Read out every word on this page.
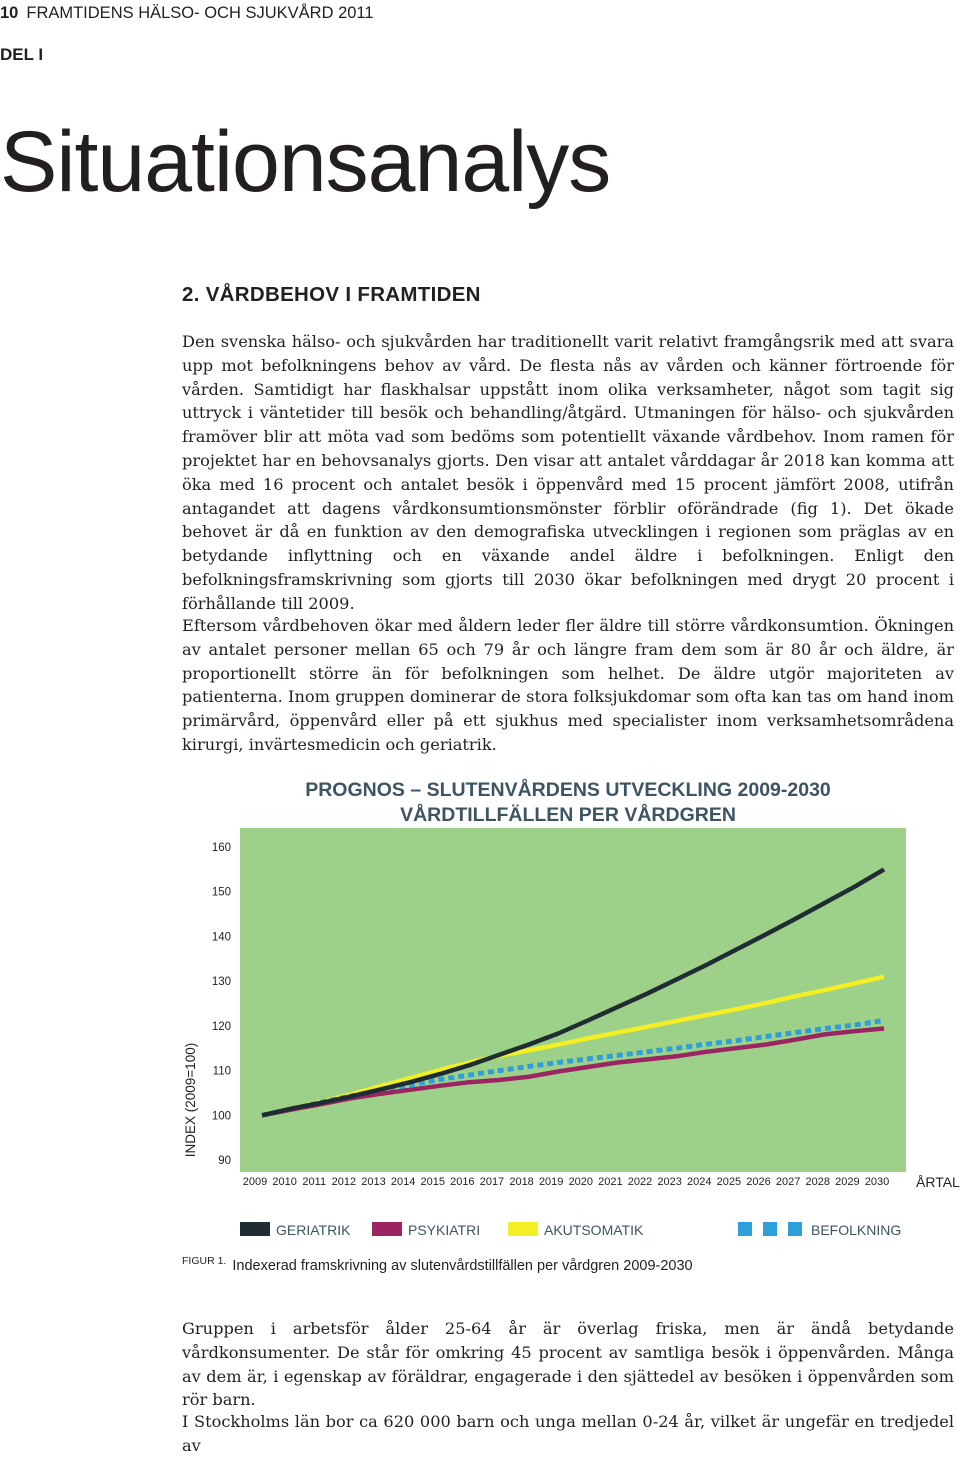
10 FRAMTIDENS HÄLSO- OCH SJUKVÅRD 2011
DEL I
Situationsanalys
2. VÅRDBEHOV I FRAMTIDEN

Den svenska hälso- och sjukvården har traditionellt varit relativt framgångsrik med att svara upp mot befolkningens behov av vård. De flesta nås av vården och känner förtroende för vården. Samtidigt har flaskhalsar uppstått inom olika verksamheter, något som tagit sig uttryck i väntetider till besök och behandling/åtgärd. Utmaningen för hälso- och sjukvården framöver blir att möta vad som bedöms som potentiellt växande vårdbehov. Inom ramen för projektet har en behovsanalys gjorts. Den visar att antalet vårddagar år 2018 kan komma att öka med 16 procent och antalet besök i öppenvård med 15 procent jämfört 2008, utifrån antagandet att dagens vårdkonsumtionsmönster förblir oförändrade (fig 1). Det ökade behovet är då en funktion av den demografiska utvecklingen i regionen som präglas av en betydande inflyttning och en växande andel äldre i befolkningen. Enligt den befolkningsframskrivning som gjorts till 2030 ökar befolkningen med drygt 20 procent i förhållande till 2009.

Eftersom vårdbehoven ökar med åldern leder fler äldre till större vårdkonsumtion. Ökningen av antalet personer mellan 65 och 79 år och längre fram dem som är 80 år och äldre, är proportionellt större än för befolkningen som helhet. De äldre utgör majoriteten av patienterna. Inom gruppen dominerar de stora folksjukdomar som ofta kan tas om hand inom primärvård, öppenvård eller på ett sjukhus med specialister inom verksamhetsområdena kirurgi, invärtesmedicin och geriatrik.

PROGNOS – SLUTENVÅRDENS UTVECKLING 2009-2030
VÅRDTILLFÄLLEN PER VÅRDGREN
90
100
110
120
130
140
150
160
2009 2010 2011 2012 2013 2014 2015 2016 2017 2018 2019 2020 2021 2022 2023 2024 2025 2026 2027 2028 2029 2030
INDEX (2009=100)
ÅRTAL
GERIATRIK	PSYKIATRI	AKUTSOMATIK	BEFOLKNING
$^{FIGUR 1.}$ Indexerad framskrivning av slutenvårdstillfällen per vårdgren 2009-2030

Gruppen i arbetsför ålder 25-64 år är överlag friska, men är ändå betydande vårdkonsumenter. De står för omkring 45 procent av samtliga besök i öppenvården. Många av dem är, i egenskap av föräldrar, engagerade i den sjättedel av besöken i öppenvården som rör barn.

I Stockholms län bor ca 620 000 barn och unga mellan 0-24 år, vilket är ungefär en tredjedel av
